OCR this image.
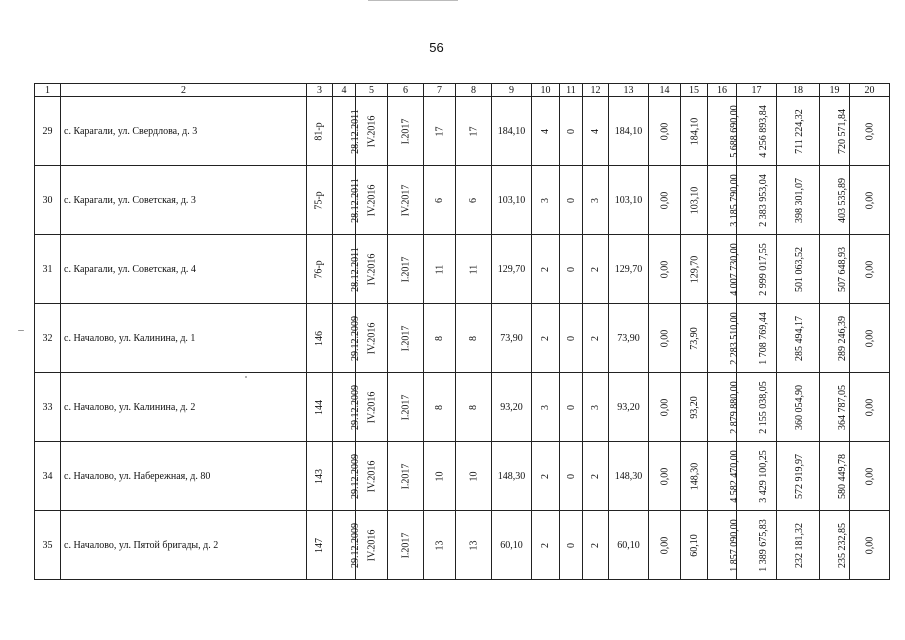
56
1	2	3	4	5	6	7	8	9	10	11	12	13	14	15	16	17	18	19	20
29	с. Карагали, ул. Свердлова, д. 3	81-р	28.12.2011	IV.2016	I.2017	17	17	184,10	4	0	4	184,10	0,00	184,10	5 688 690,00	4 256 893,84	711 224,32	720 571,84	0,00
30	с. Карагали, ул. Советская, д. 3	75-р	28.12.2011	IV.2016	IV.2017	6	6	103,10	3	0	3	103,10	0,00	103,10	3 185 790,00	2 383 953,04	398 301,07	403 535,89	0,00
31	с. Карагали, ул. Советская, д. 4	76-р	28.12.2011	IV.2016	I.2017	11	11	129,70	2	0	2	129,70	0,00	129,70	4 007 730,00	2 999 017,55	501 063,52	507 648,93	0,00
32	с. Началово, ул. Калинина, д. 1	146	29.12.2009	IV.2016	I.2017	8	8	73,90	2	0	2	73,90	0,00	73,90	2 283 510,00	1 708 769,44	285 494,17	289 246,39	0,00
33	с. Началово, ул. Калинина, д. 2	144	29.12.2009	IV.2016	I.2017	8	8	93,20	3	0	3	93,20	0,00	93,20	2 879 880,00	2 155 038,05	360 054,90	364 787,05	0,00
34	с. Началово, ул. Набережная, д. 80	143	29.12.2009	IV.2016	I.2017	10	10	148,30	2	0	2	148,30	0,00	148,30	4 582 470,00	3 429 100,25	572 919,97	580 449,78	0,00
35	с. Началово, ул. Пятой бригады, д. 2	147	29.12.2009	IV.2016	I.2017	13	13	60,10	2	0	2	60,10	0,00	60,10	1 857 090,00	1 389 675,83	232 181,32	235 232,85	0,00
